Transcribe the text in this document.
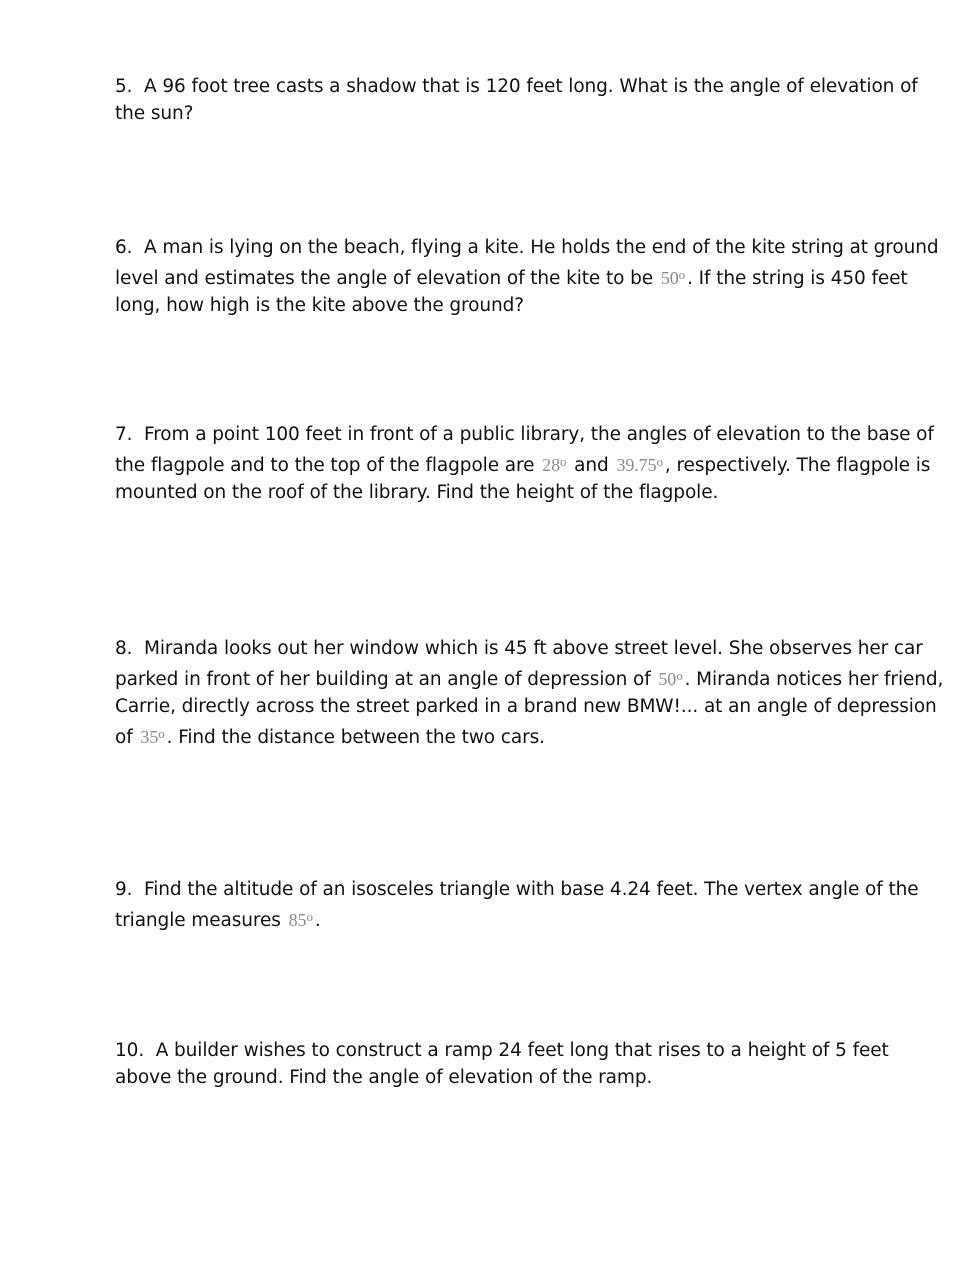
5. A 96 foot tree casts a shadow that is 120 feet long. What is the angle of elevation of the sun?

6. A man is lying on the beach, flying a kite. He holds the end of the kite string at ground level and estimates the angle of elevation of the kite to be 50$^o$ . If the string is 450 feet long, how high is the kite above the ground?

7. From a point 100 feet in front of a public library, the angles of elevation to the base of the flagpole and to the top of the flagpole are 28$^o$ and 39.75$^o$ , respectively. The flagpole is mounted on the roof of the library. Find the height of the flagpole.

8. Miranda looks out her window which is 45 ft above street level. She observes her car parked in front of her building at an angle of depression of 50$^o$ . Miranda notices her friend, Carrie, directly across the street parked in a brand new BMW!... at an angle of depression of 35$^o$ . Find the distance between the two cars.

9. Find the altitude of an isosceles triangle with base 4.24 feet. The vertex angle of the triangle measures 85$^o$ .

10. A builder wishes to construct a ramp 24 feet long that rises to a height of 5 feet above the ground. Find the angle of elevation of the ramp.
